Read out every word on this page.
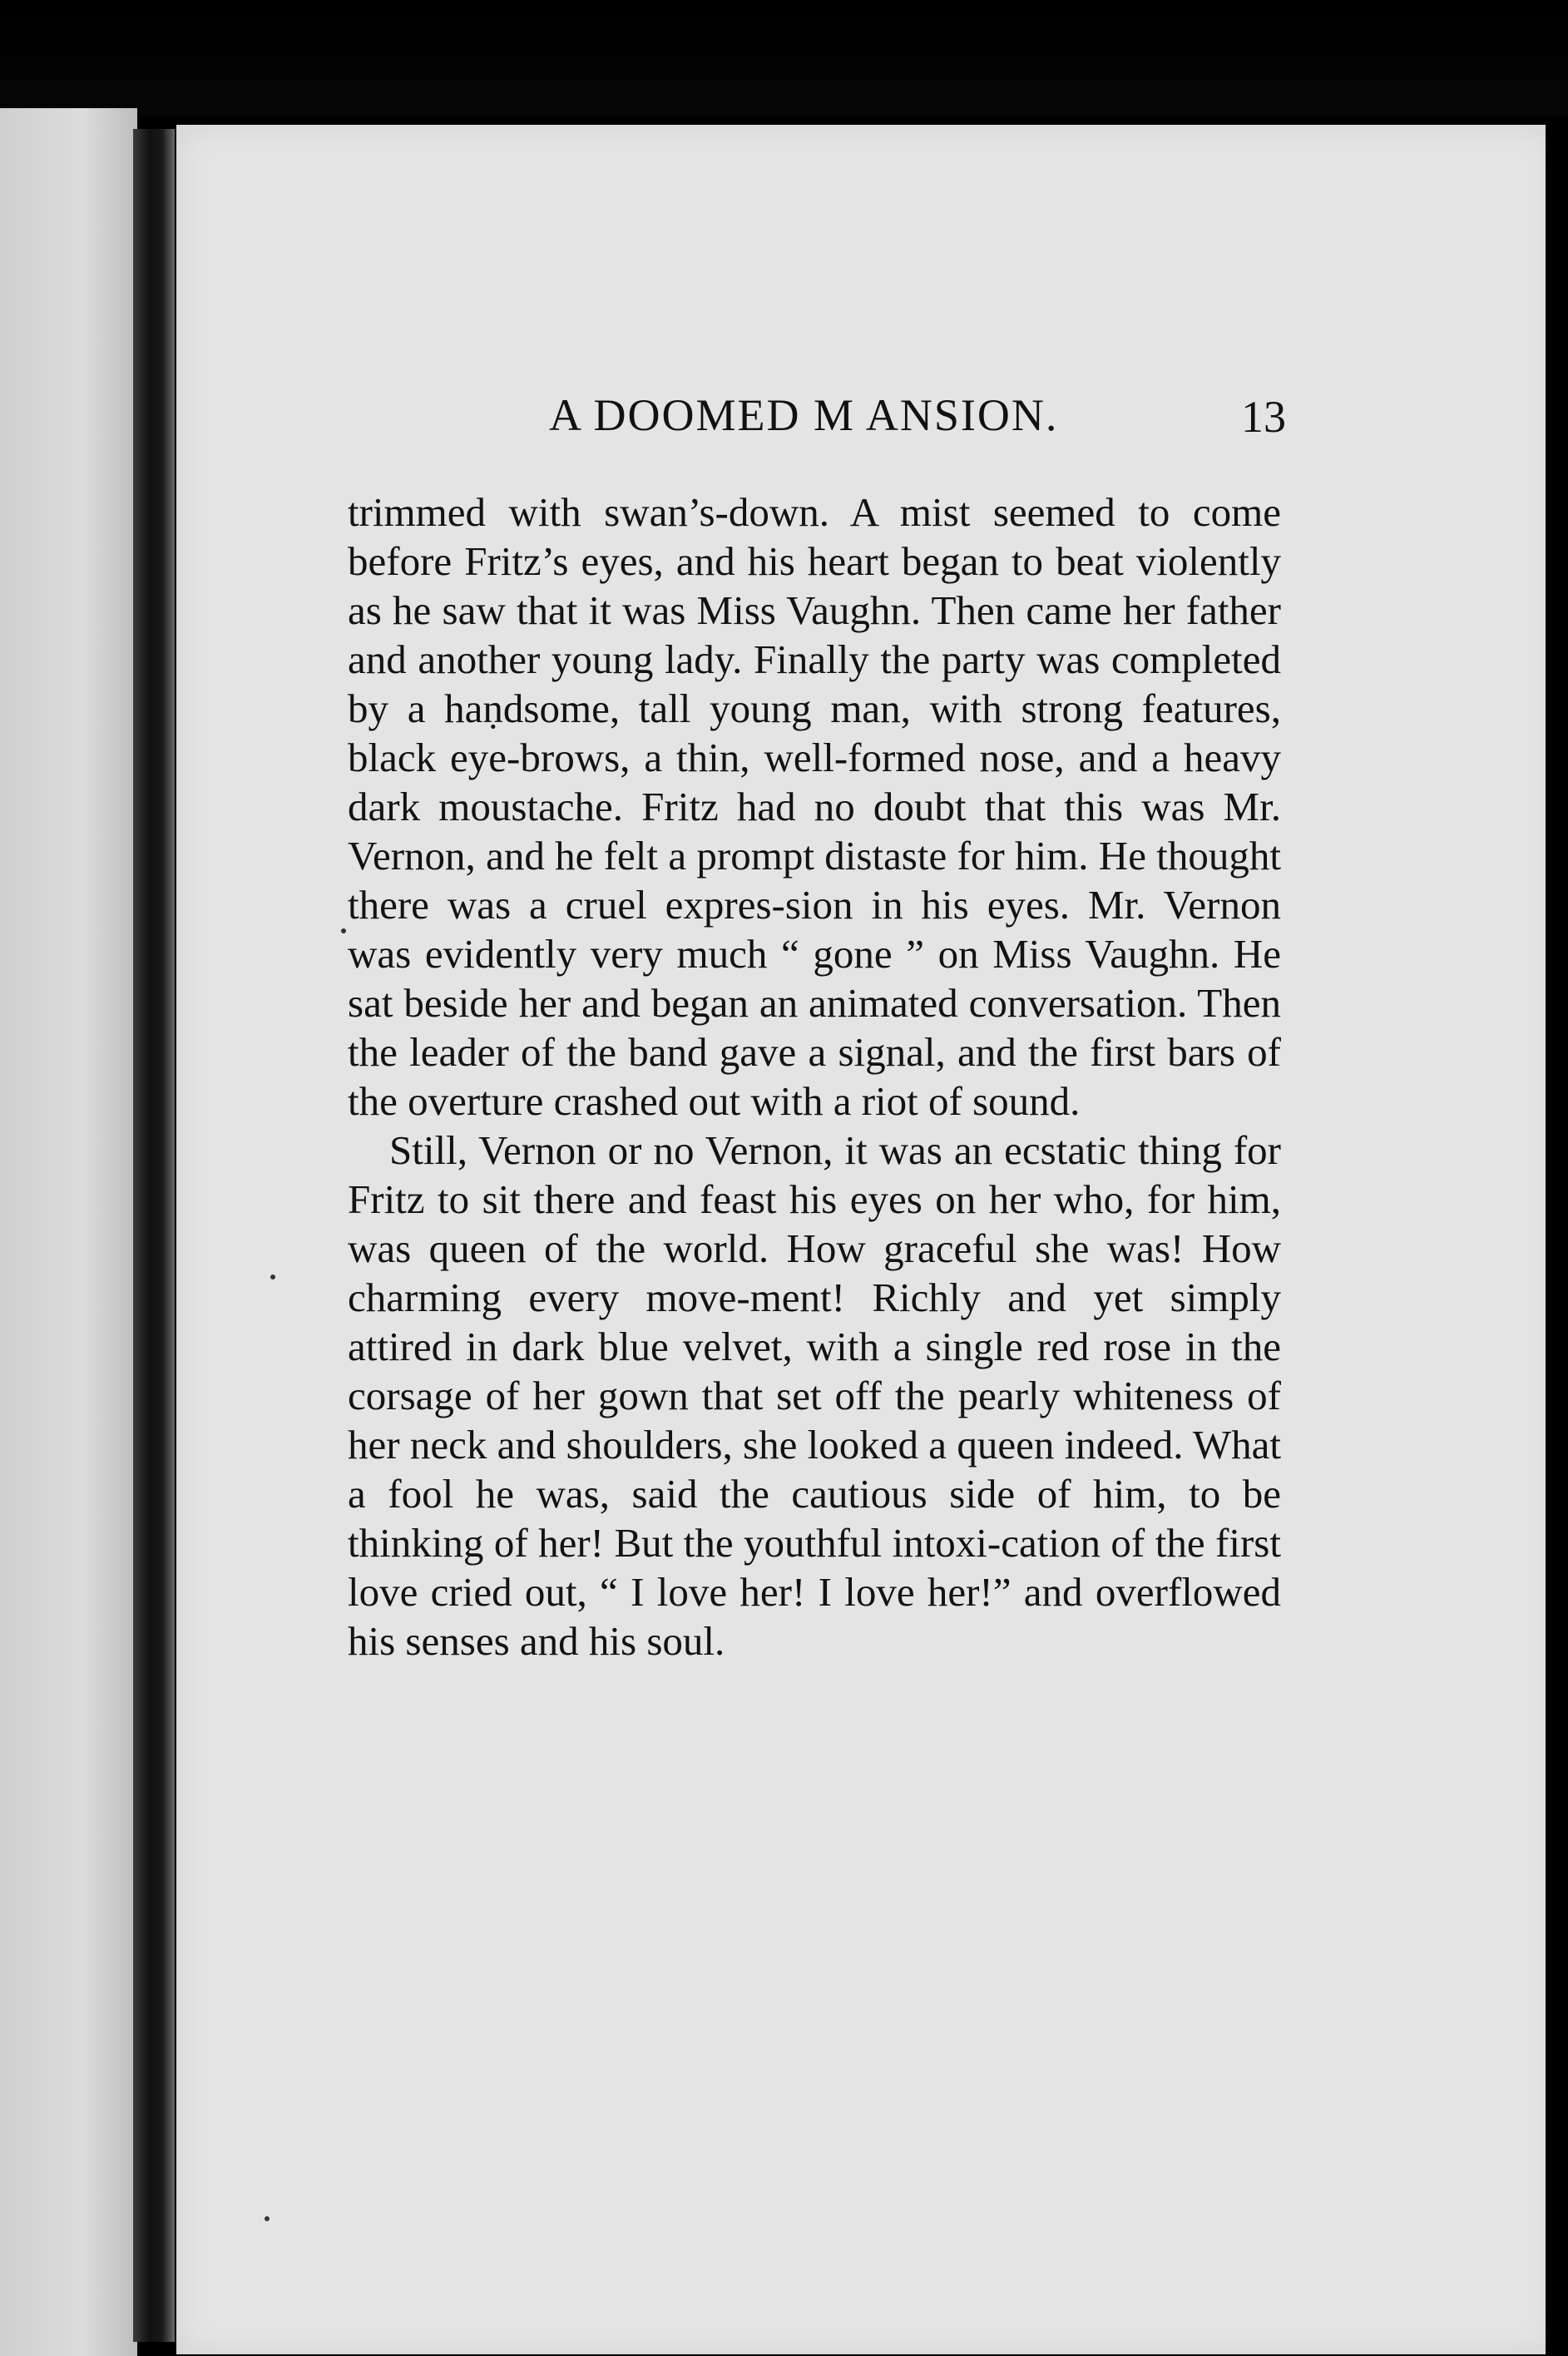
A DOOMED M ANSION.	13

trimmed with swan’s-down. A mist seemed to come before Fritz’s eyes, and his heart began to beat violently as he saw that it was Miss Vaughn. Then came her father and another young lady. Finally the party was completed by a haṇdsome, tall young man, with strong features, black eye-brows, a thin, well-formed nose, and a heavy dark moustache. Fritz had no doubt that this was Mr. Vernon, and he felt a prompt distaste for him. He thought there was a cruel expres-sion in his eyes. Mr. Vernon was evidently very much “ gone ” on Miss Vaughn. He sat beside her and began an animated conversation. Then the leader of the band gave a signal, and the first bars of the overture crashed out with a riot of sound.

Still, Vernon or no Vernon, it was an ecstatic thing for Fritz to sit there and feast his eyes on her who, for him, was queen of the world. How graceful she was! How charming every move-ment! Richly and yet simply attired in dark blue velvet, with a single red rose in the corsage of her gown that set off the pearly whiteness of her neck and shoulders, she looked a queen indeed. What a fool he was, said the cautious side of him, to be thinking of her! But the youthful intoxi-cation of the first love cried out, “ I love her! I love her!” and overflowed his senses and his soul.
